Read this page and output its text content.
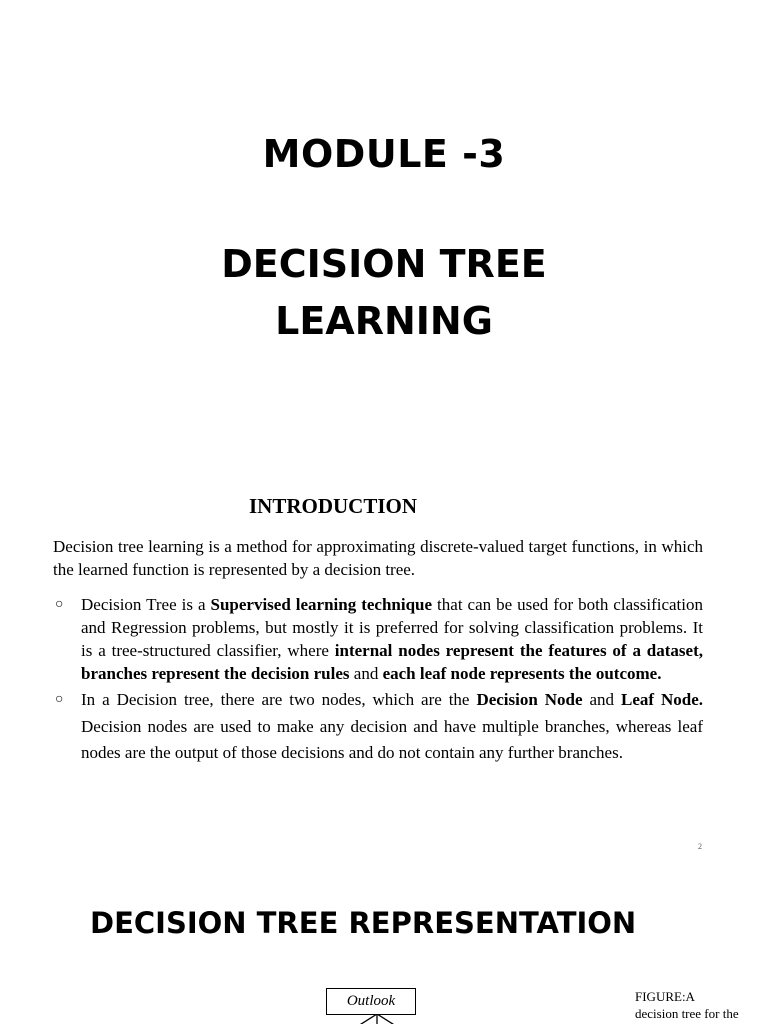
MODULE -3
DECISION TREE
LEARNING
INTRODUCTION
Decision tree learning is a method for approximating discrete-valued target functions, in which the learned function is represented by a decision tree.
○ Decision Tree is a Supervised learning technique that can be used for both classification and Regression problems, but mostly it is preferred for solving classification problems. It is a tree-structured classifier, where internal nodes represent the features of a dataset, branches represent the decision rules and each leaf node represents the outcome.
○ In a Decision tree, there are two nodes, which are the Decision Node and Leaf Node. Decision nodes are used to make any decision and have multiple branches, whereas leaf nodes are the output of those decisions and do not contain any further branches.
2
DECISION TREE REPRESENTATION
Outlook	FIGURE:A
decision tree for the
